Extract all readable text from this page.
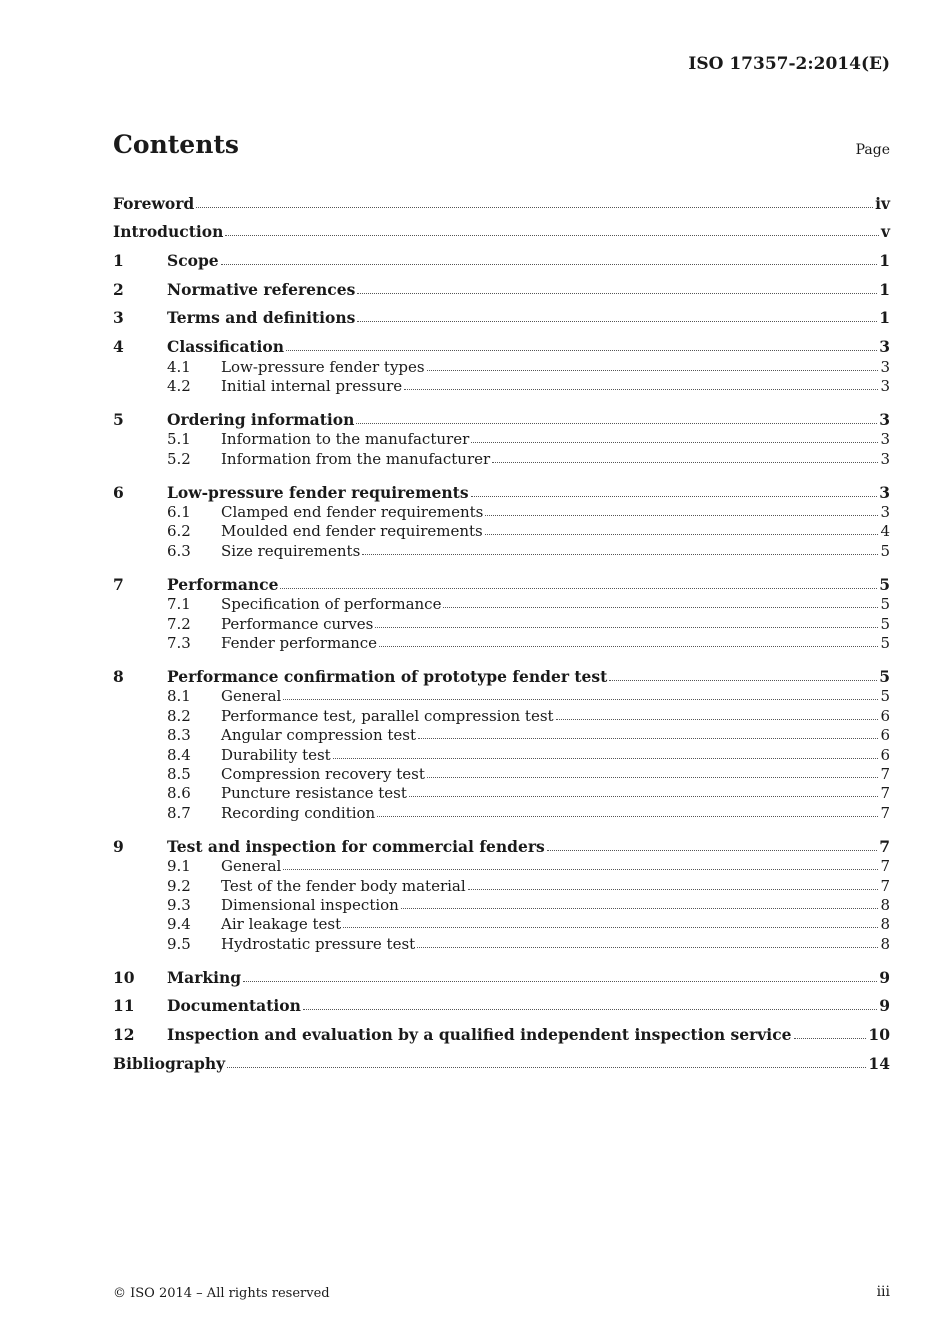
ISO 17357-2:2014(E)
Contents	Page
Foreword	iv
Introduction	v
1	Scope	1
2	Normative references	1
3	Terms and definitions	1
4	Classification	3
4.1	Low-pressure fender types	3
4.2	Initial internal pressure	3
5	Ordering information	3
5.1	Information to the manufacturer	3
5.2	Information from the manufacturer	3
6	Low-pressure fender requirements	3
6.1	Clamped end fender requirements	3
6.2	Moulded end fender requirements	4
6.3	Size requirements	5
7	Performance	5
7.1	Specification of performance	5
7.2	Performance curves	5
7.3	Fender performance	5
8	Performance confirmation of prototype fender test	5
8.1	General	5
8.2	Performance test, parallel compression test	6
8.3	Angular compression test	6
8.4	Durability test	6
8.5	Compression recovery test	7
8.6	Puncture resistance test	7
8.7	Recording condition	7
9	Test and inspection for commercial fenders	7
9.1	General	7
9.2	Test of the fender body material	7
9.3	Dimensional inspection	8
9.4	Air leakage test	8
9.5	Hydrostatic pressure test	8
10	Marking	9
11	Documentation	9
12	Inspection and evaluation by a qualified independent inspection service	10
Bibliography	14
© ISO 2014 – All rights reserved	iii
